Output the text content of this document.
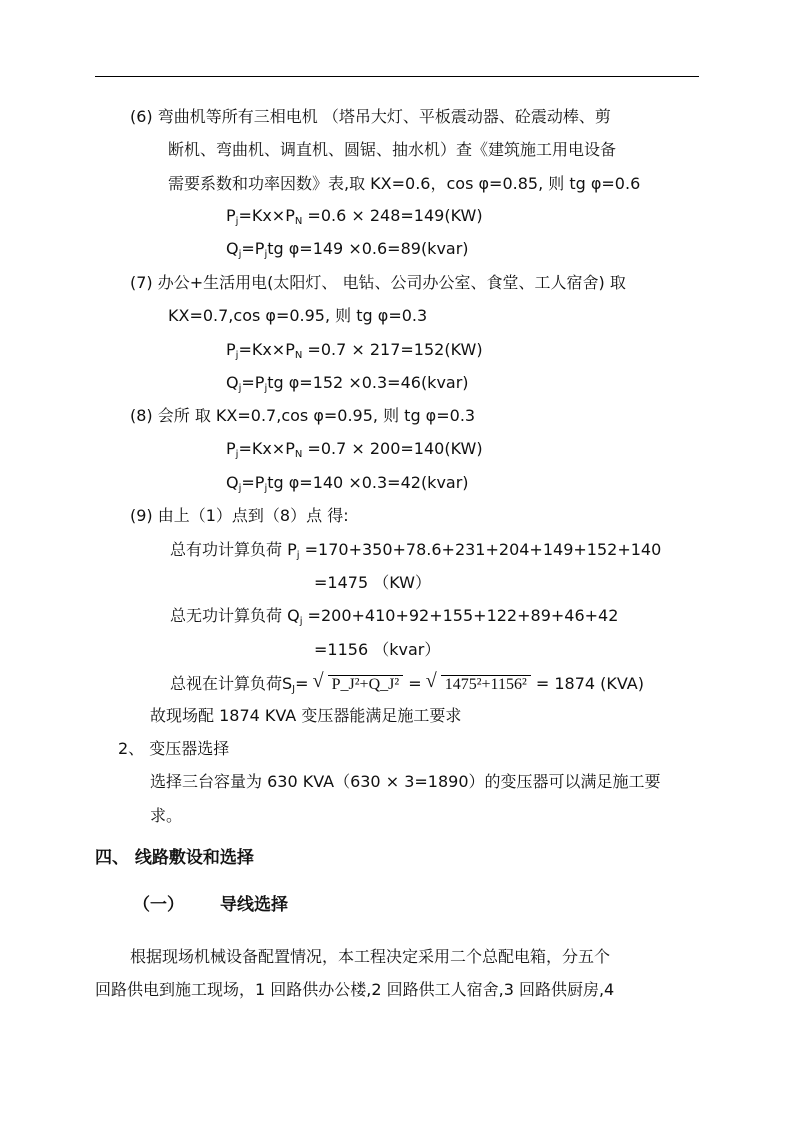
(6) 弯曲机等所有三相电机 （塔吊大灯、平板震动器、砼震动棒、剪
断机、弯曲机、调直机、圆锯、抽水机）查《建筑施工用电设备
需要系数和功率因数》表,取 KX=0.6，cos φ=0.85, 则 tg φ=0.6
$P_j=Kx\times P_N =0.6 \times 248=149(KW)$
$Q_j=P_jtg$ φ=149 ×0.6=89(kvar)
(7) 办公+生活用电(太阳灯、 电钻、公司办公室、食堂、工人宿舍) 取
KX=0.7,cos φ=0.95, 则 tg φ=0.3
$P_j=Kx\times P_N =0.7 \times 217=152(KW)$
$Q_j=P_jtg$ φ=152 ×0.3=46(kvar)
(8) 会所 取 KX=0.7,cos φ=0.95, 则 tg φ=0.3
$P_j=Kx\times P_N =0.7 \times 200=140(KW)$
$Q_j=P_jtg$ φ=140 ×0.3=42(kvar)
(9) 由上（1）点到（8）点 得:
总有功计算负荷 $P_j =170+350+78.6+231+204+149+152+140$
=1475 （KW）
总无功计算负荷 $Q_j =200+410+92+155+122+89+46+42$
=1156 （kvar）
总视在计算负荷$S_J=$ √ P_J²+Q_J² = √ 1475²+1156² = 1874 (KVA)
故现场配 1874 KVA 变压器能满足施工要求
2、 变压器选择
选择三台容量为 630 KVA（630 × 3=1890）的变压器可以满足施工要
求。
四、 线路敷设和选择
（一） 导线选择
根据现场机械设备配置情况，本工程决定采用二个总配电箱，分五个
回路供电到施工现场，1 回路供办公楼,2 回路供工人宿舍,3 回路供厨房,4
